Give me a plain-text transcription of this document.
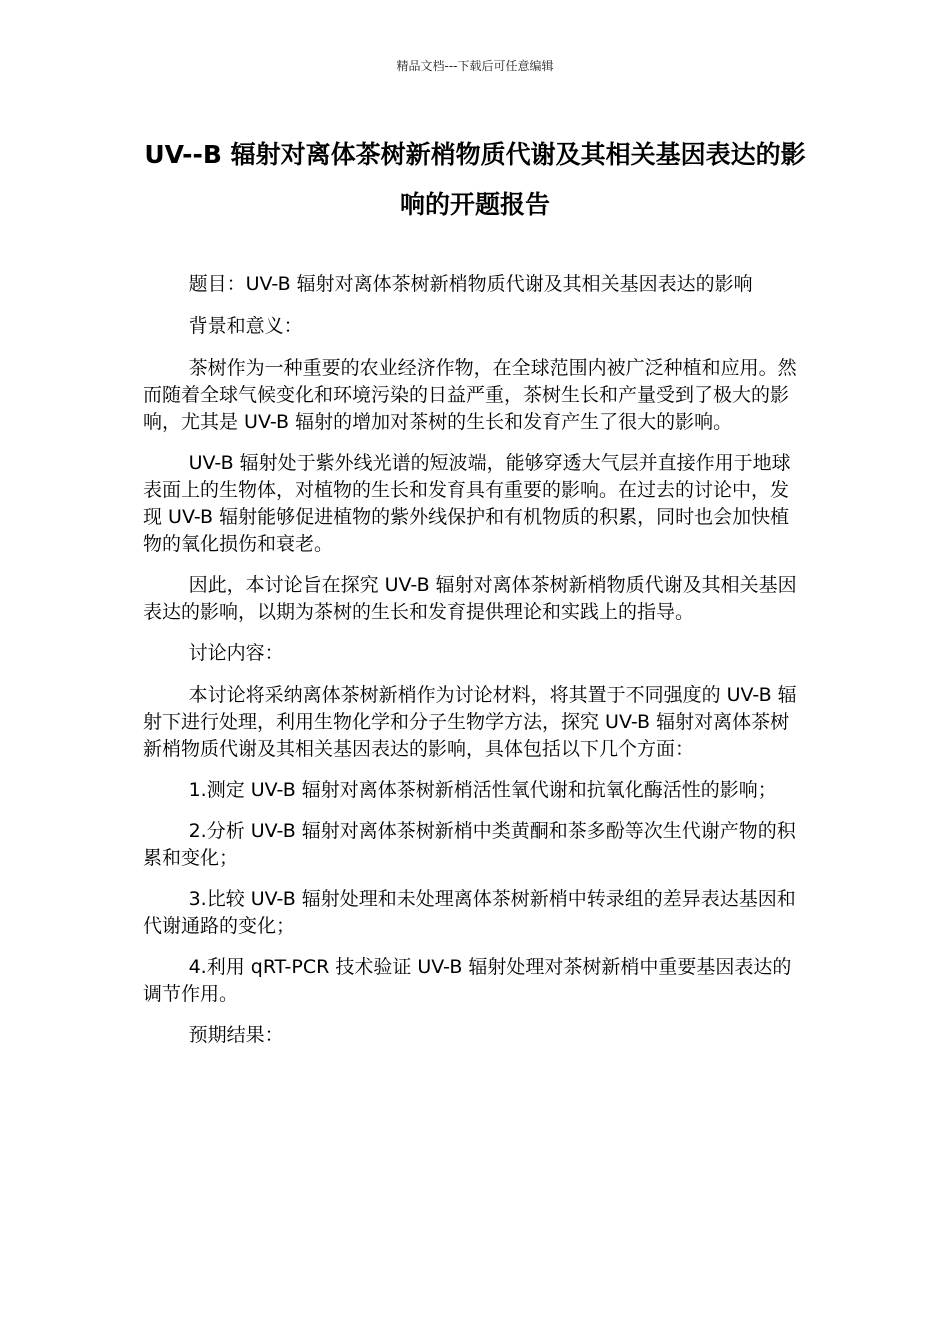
精品文档---下载后可任意编辑
UV--B 辐射对离体茶树新梢物质代谢及其相关基因表达的影响的开题报告

题目：UV-B 辐射对离体茶树新梢物质代谢及其相关基因表达的影响

背景和意义：

茶树作为一种重要的农业经济作物，在全球范围内被广泛种植和应用。然而随着全球气候变化和环境污染的日益严重，茶树生长和产量受到了极大的影响，尤其是 UV-B 辐射的增加对茶树的生长和发育产生了很大的影响。

UV-B 辐射处于紫外线光谱的短波端，能够穿透大气层并直接作用于地球表面上的生物体，对植物的生长和发育具有重要的影响。在过去的讨论中，发现 UV-B 辐射能够促进植物的紫外线保护和有机物质的积累，同时也会加快植物的氧化损伤和衰老。

因此，本讨论旨在探究 UV-B 辐射对离体茶树新梢物质代谢及其相关基因表达的影响，以期为茶树的生长和发育提供理论和实践上的指导。

讨论内容：

本讨论将采纳离体茶树新梢作为讨论材料，将其置于不同强度的 UV-B 辐射下进行处理，利用生物化学和分子生物学方法，探究 UV-B 辐射对离体茶树新梢物质代谢及其相关基因表达的影响，具体包括以下几个方面：

1.测定 UV-B 辐射对离体茶树新梢活性氧代谢和抗氧化酶活性的影响；

2.分析 UV-B 辐射对离体茶树新梢中类黄酮和茶多酚等次生代谢产物的积累和变化；

3.比较 UV-B 辐射处理和未处理离体茶树新梢中转录组的差异表达基因和代谢通路的变化；

4.利用 qRT-PCR 技术验证 UV-B 辐射处理对茶树新梢中重要基因表达的调节作用。

预期结果：
